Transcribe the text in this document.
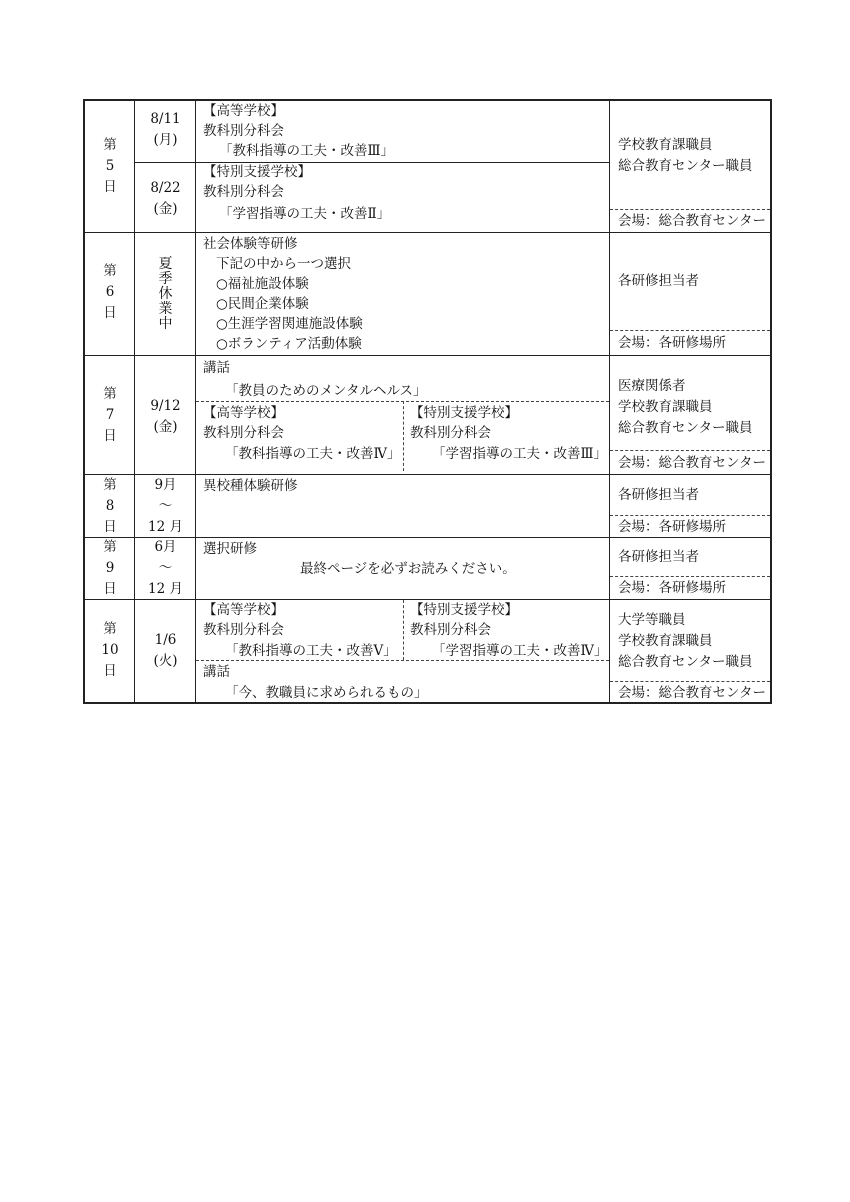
第
5
日
8/11
(月)
8/22
(金)
【高等学校】
教科別分科会
「教科指導の工夫・改善Ⅲ」
【特別支援学校】
教科別分科会
「学習指導の工夫・改善Ⅱ」
学校教育課職員
総合教育センター職員
会場：総合教育センター
第
6
日
夏
季
休
業
中
社会体験等研修
下記の中から一つ選択
○福祉施設体験
○民間企業体験
○生涯学習関連施設体験
○ボランティア活動体験
各研修担当者
会場：各研修場所
第
7
日
9/12
(金)
講話
「教員のためのメンタルヘルス」
【高等学校】
教科別分科会
「教科指導の工夫・改善Ⅳ」
【特別支援学校】
教科別分科会
「学習指導の工夫・改善Ⅲ」
医療関係者
学校教育課職員
総合教育センター職員
会場：総合教育センター
第
8
日
9月
～
12 月
異校種体験研修
各研修担当者
会場：各研修場所
第
9
日
6月
～
12 月
選択研修
最終ページを必ずお読みください。
各研修担当者
会場：各研修場所
第
10
日
1/6
(火)
【高等学校】
教科別分科会
「教科指導の工夫・改善Ⅴ」
【特別支援学校】
教科別分科会
「学習指導の工夫・改善Ⅳ」
講話
「今、教職員に求められるもの」
大学等職員
学校教育課職員
総合教育センター職員
会場：総合教育センター
